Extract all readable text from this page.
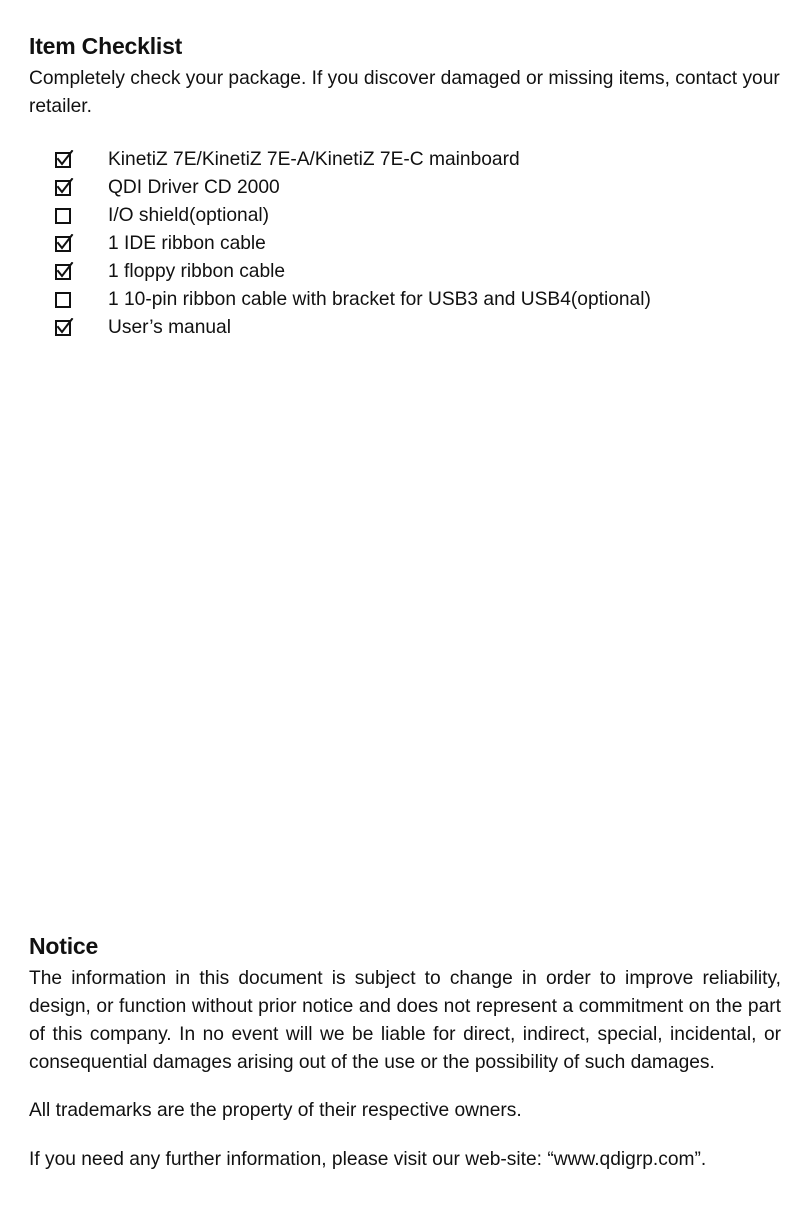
Item Checklist

Completely check your package. If you discover damaged or missing items, contact your retailer.

KinetiZ 7E/KinetiZ 7E-A/KinetiZ 7E-C mainboard
QDI Driver CD 2000
I/O shield(optional)
1 IDE ribbon cable
1 floppy ribbon cable
1 10-pin ribbon cable with bracket for USB3 and USB4(optional)
User’s manual
Notice

The information in this document is subject to change in order to improve reliability, design, or function without prior notice and does not represent a commitment on the part of this company. In no event will we be liable for direct, indirect, special, incidental, or consequential damages arising out of the use or the possibility of such damages.

All trademarks are the property of their respective owners.

If you need any further information, please visit our web-site: “www.qdigrp.com”.
